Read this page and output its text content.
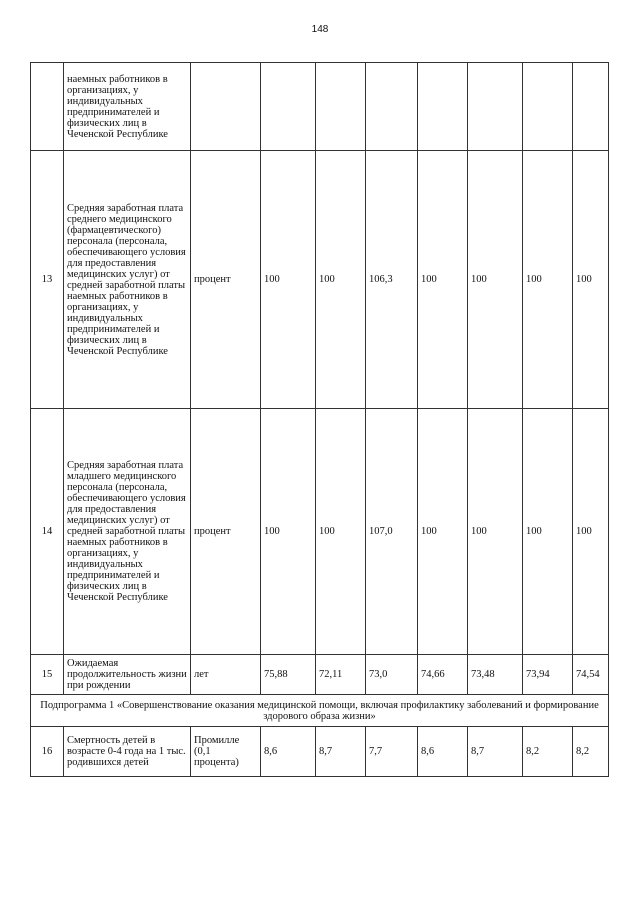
148
	наемных работников в организациях, у индивидуальных предпринимателей и физических лиц в Чеченской Республике								
13	Средняя заработная плата среднего медицинского (фармацевтического) персонала (персонала, обеспечивающего условия для предоставления медицинских услуг) от средней заработной платы наемных работников в организациях, у индивидуальных предпринимателей и физических лиц в Чеченской Республике	процент	100	100	106,3	100	100	100	100
14	Средняя заработная плата младшего медицинского персонала (персонала, обеспечивающего условия для предоставления медицинских услуг) от средней заработной платы наемных работников в организациях, у индивидуальных предпринимателей и физических лиц в Чеченской Республике	процент	100	100	107,0	100	100	100	100
15	Ожидаемая продолжительность жизни при рождении	лет	75,88	72,11	73,0	74,66	73,48	73,94	74,54
Подпрограмма 1 «Совершенствование оказания медицинской помощи, включая профилактику заболеваний и формирование здорового образа жизни»									
16	Смертность детей в возрасте 0-4 года на 1 тыс. родившихся детей	Промилле (0,1 процента)	8,6	8,7	7,7	8,6	8,7	8,2	8,2
